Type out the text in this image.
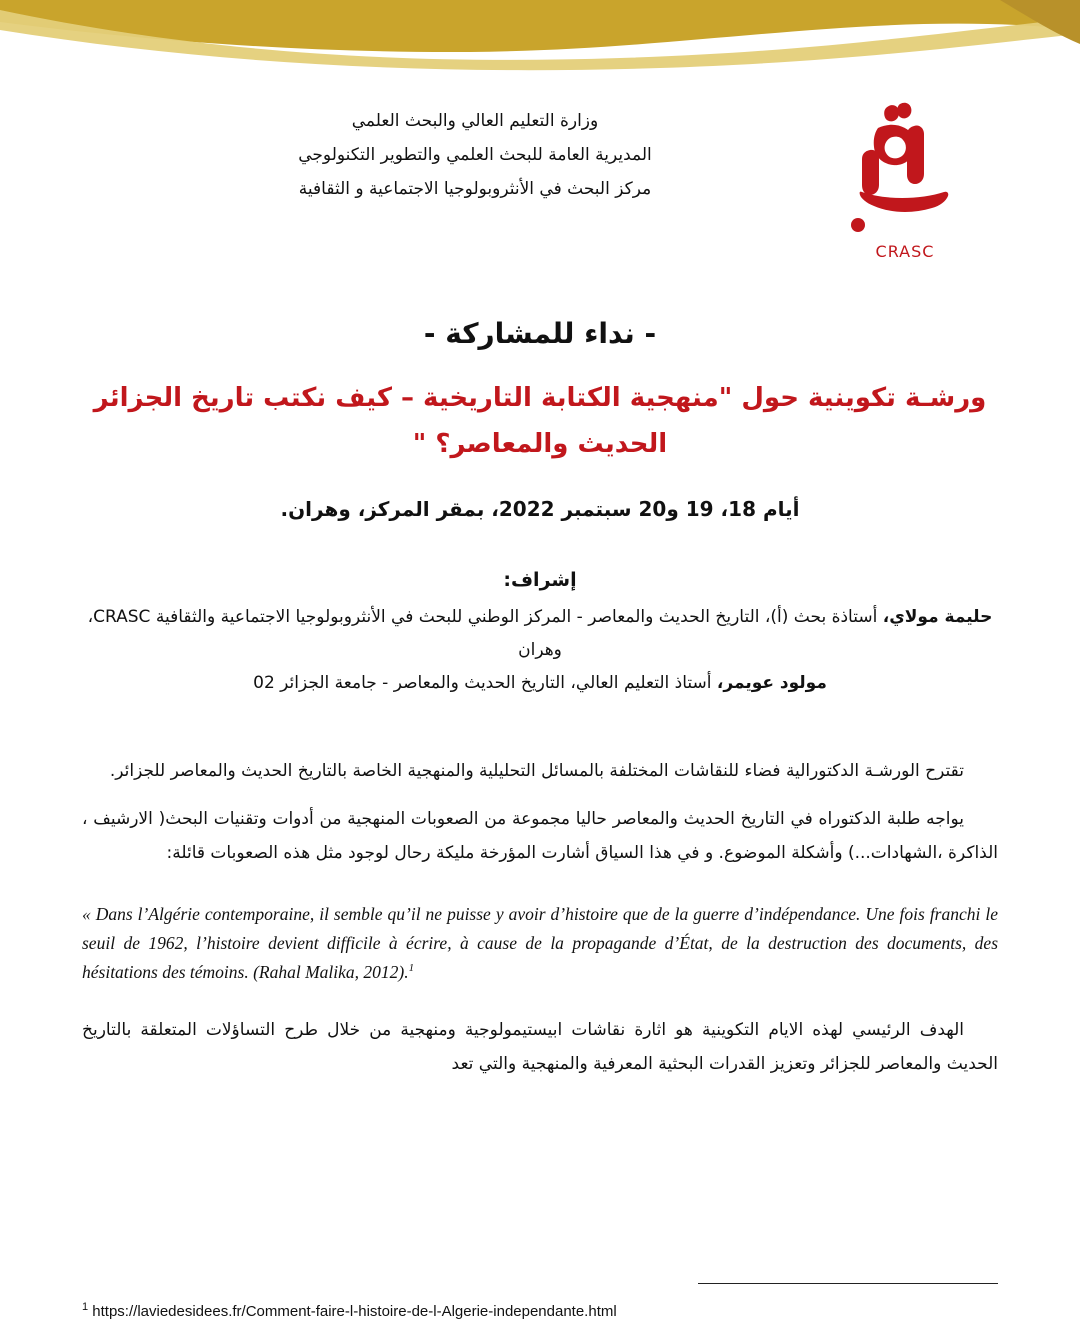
وزارة التعليم العالي والبحث العلمي
المديرية العامة للبحث العلمي والتطوير التكنولوجي
مركز البحث في الأنثروبولوجيا الاجتماعية و الثقافية
CRASC
- نداء للمشاركة -
ورشـة تكوينية حول "منهجية الكتابة التاريخية – كيف نكتب تاريخ الجزائر الحديث والمعاصر؟ "
أيام 18، 19 و20 سبتمبر 2022، بمقر المركز، وهران.
إشراف:
حليمة مولاي، أستاذة بحث (أ)، التاريخ الحديث والمعاصر - المركز الوطني للبحث في الأنثروبولوجيا الاجتماعية والثقافية CRASC، وهران
مولود عويمر، أستاذ التعليم العالي، التاريخ الحديث والمعاصر - جامعة الجزائر 02

تقترح الورشـة الدكتورالية فضاء للنقاشات المختلفة بالمسائل التحليلية والمنهجية الخاصة بالتاريخ الحديث والمعاصر للجزائر.

يواجه طلبة الدكتوراه في التاريخ الحديث والمعاصر حاليا مجموعة من الصعوبات المنهجية من أدوات وتقنيات البحث( الارشيف ، الذاكرة ،الشهادات...) وأشكلة الموضوع. و في هذا السياق أشارت المؤرخة مليكة رحال لوجود مثل هذه الصعوبات قائلة:

« Dans l’Algérie contemporaine, il semble qu’il ne puisse y avoir d’histoire que de la guerre d’indépendance. Une fois franchi le seuil de 1962, l’histoire devient difficile à écrire, à cause de la propagande d’État, de la destruction des documents, des hésitations des témoins. (Rahal Malika, 2012).$^1$

الهدف الرئيسي لهذه الايام التكوينية هو اثارة نقاشات ابيستيمولوجية ومنهجية من خلال طرح التساؤلات المتعلقة بالتاريخ الحديث والمعاصر للجزائر وتعزيز القدرات البحثية المعرفية والمنهجية والتي تعد

$^1$ https://laviedesidees.fr/Comment-faire-l-histoire-de-l-Algerie-independante.html
